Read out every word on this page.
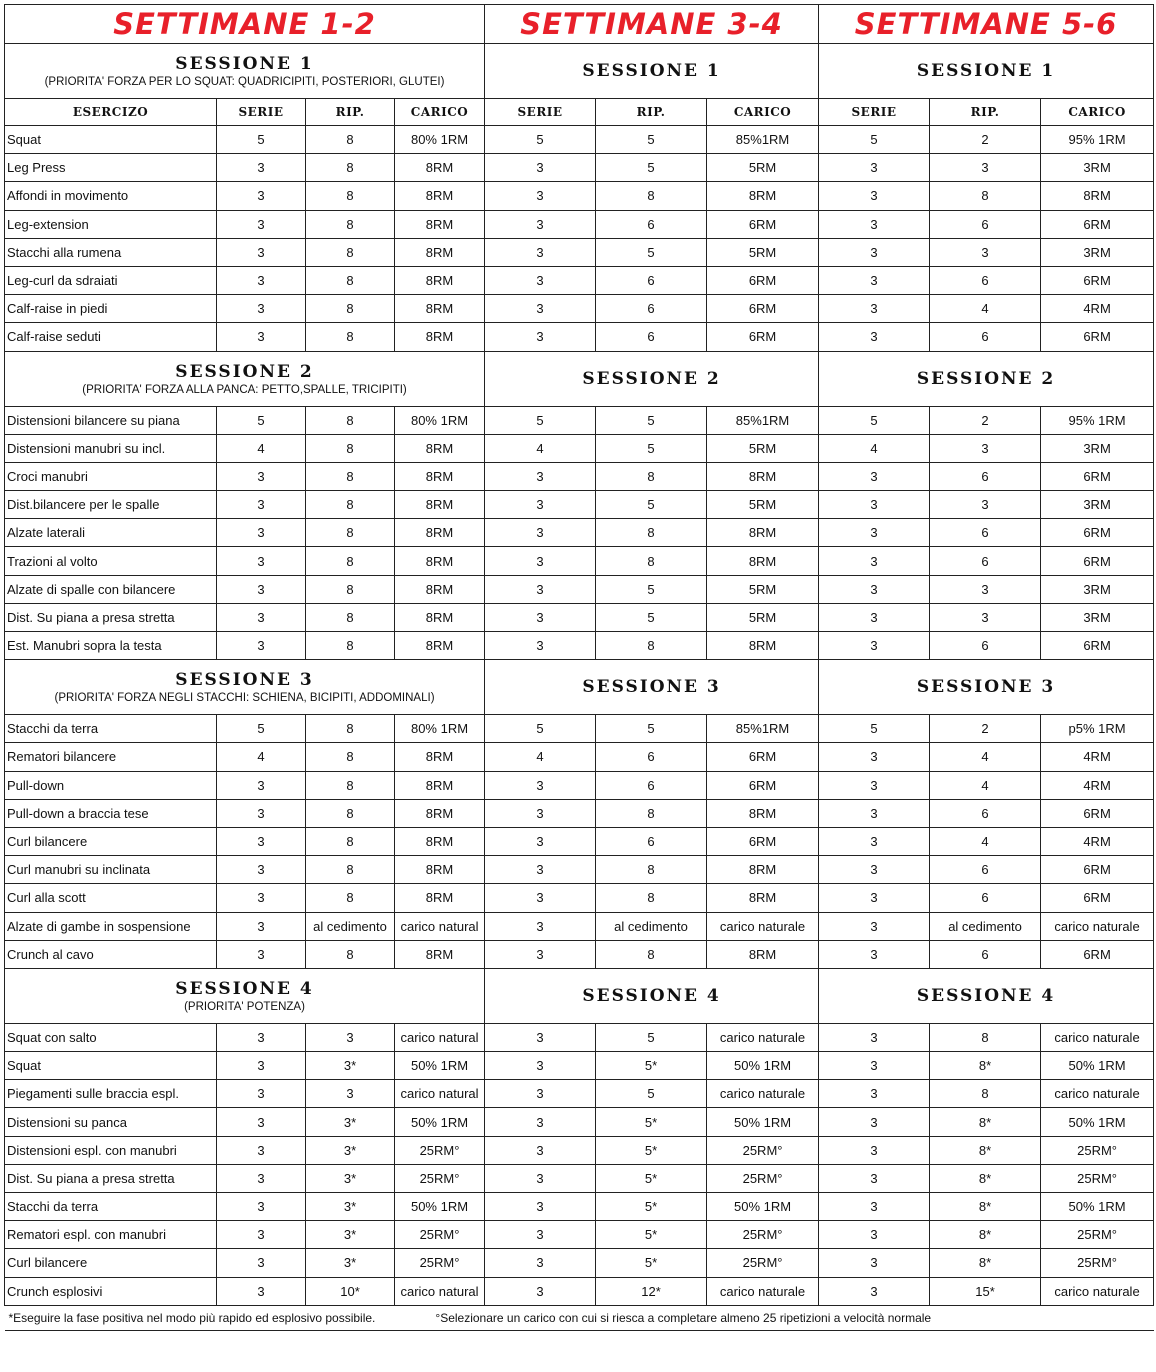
SETTIMANE 1-2				SETTIMANE 3-4			SETTIMANE 5-6		

SESSIONE 1
(PRIORITA' FORZA PER LO SQUAT: QUADRICIPITI, POSTERIORI, GLUTEI)				SESSIONE 1			SESSIONE 1		

ESERCIZO	SERIE	RIP.	CARICO	SERIE	RIP.	CARICO	SERIE	RIP.	CARICO
Squat	5	8	80% 1RM	5	5	85%1RM	5	2	95% 1RM
Leg Press	3	8	8RM	3	5	5RM	3	3	3RM
Affondi in movimento	3	8	8RM	3	8	8RM	3	8	8RM
Leg-extension	3	8	8RM	3	6	6RM	3	6	6RM
Stacchi alla rumena	3	8	8RM	3	5	5RM	3	3	3RM
Leg-curl da sdraiati	3	8	8RM	3	6	6RM	3	6	6RM
Calf-raise in piedi	3	8	8RM	3	6	6RM	3	4	4RM
Calf-raise seduti	3	8	8RM	3	6	6RM	3	6	6RM

SESSIONE 2
(PRIORITA' FORZA ALLA PANCA: PETTO,SPALLE, TRICIPITI)				SESSIONE 2			SESSIONE 2		

Distensioni bilancere su piana	5	8	80% 1RM	5	5	85%1RM	5	2	95% 1RM
Distensioni manubri su incl.	4	8	8RM	4	5	5RM	4	3	3RM
Croci manubri	3	8	8RM	3	8	8RM	3	6	6RM
Dist.bilancere per le spalle	3	8	8RM	3	5	5RM	3	3	3RM
Alzate laterali	3	8	8RM	3	8	8RM	3	6	6RM
Trazioni al volto	3	8	8RM	3	8	8RM	3	6	6RM
Alzate di spalle con bilancere	3	8	8RM	3	5	5RM	3	3	3RM
Dist. Su piana a presa stretta	3	8	8RM	3	5	5RM	3	3	3RM
Est. Manubri sopra la testa	3	8	8RM	3	8	8RM	3	6	6RM

SESSIONE 3
(PRIORITA' FORZA NEGLI STACCHI: SCHIENA, BICIPITI, ADDOMINALI)				SESSIONE 3			SESSIONE 3		

Stacchi da terra	5	8	80% 1RM	5	5	85%1RM	5	2	p5% 1RM
Rematori bilancere	4	8	8RM	4	6	6RM	3	4	4RM
Pull-down	3	8	8RM	3	6	6RM	3	4	4RM
Pull-down a braccia tese	3	8	8RM	3	8	8RM	3	6	6RM
Curl bilancere	3	8	8RM	3	6	6RM	3	4	4RM
Curl manubri su inclinata	3	8	8RM	3	8	8RM	3	6	6RM
Curl alla scott	3	8	8RM	3	8	8RM	3	6	6RM
Alzate di gambe in sospensione	3	al cedimento	carico natural	3	al cedimento	carico naturale	3	al cedimento	carico naturale
Crunch al cavo	3	8	8RM	3	8	8RM	3	6	6RM

SESSIONE 4
(PRIORITA' POTENZA)				SESSIONE 4			SESSIONE 4		

Squat con salto	3	3	carico natural	3	5	carico naturale	3	8	carico naturale
Squat	3	3*	50% 1RM	3	5*	50% 1RM	3	8*	50% 1RM
Piegamenti sulle braccia espl.	3	3	carico natural	3	5	carico naturale	3	8	carico naturale
Distensioni su panca	3	3*	50% 1RM	3	5*	50% 1RM	3	8*	50% 1RM
Distensioni espl. con manubri	3	3*	25RM°	3	5*	25RM°	3	8*	25RM°
Dist. Su piana a presa stretta	3	3*	25RM°	3	5*	25RM°	3	8*	25RM°
Stacchi da terra	3	3*	50% 1RM	3	5*	50% 1RM	3	8*	50% 1RM
Rematori espl. con manubri	3	3*	25RM°	3	5*	25RM°	3	8*	25RM°
Curl bilancere	3	3*	25RM°	3	5*	25RM°	3	8*	25RM°
Crunch esplosivi	3	10*	carico natural	3	12*	carico naturale	3	15*	carico naturale

*Eseguire la fase positiva nel modo più rapido ed esplosivo possibile. °Selezionare un carico con cui si riesca a completare almeno 25 ripetizioni a velocità normale									
